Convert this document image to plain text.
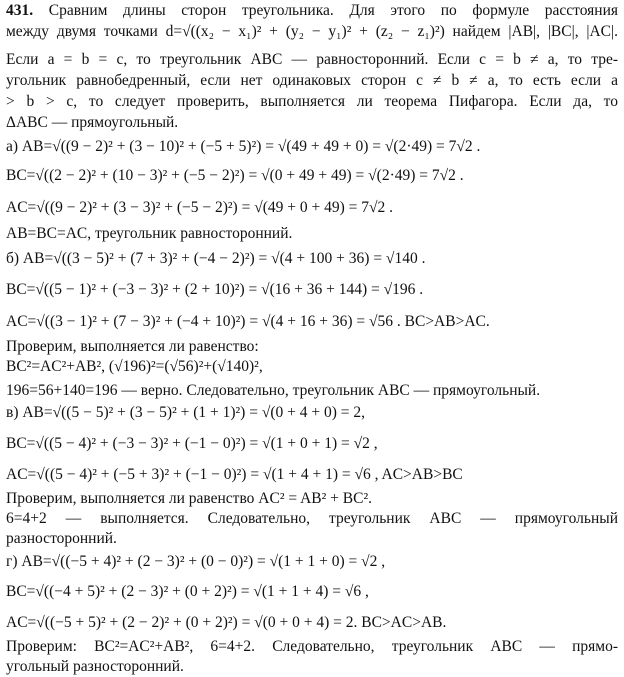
431. Сравним длины сторон треугольника. Для этого по формуле расстояния
между двумя точками d=√((x₂ − x₁)² + (y₂ − y₁)² + (z₂ − z₁)²) найдем |AB|, |BC|, |AC|.
Если a = b = c, то треугольник ABC — равносторонний. Если c = b ≠ a, то тре-
угольник равнобедренный, если нет одинаковых сторон c ≠ b ≠ a, то есть если a
> b > c, то следует проверить, выполняется ли теорема Пифагора. Если да, то
ΔABC — прямоугольный.
а) AB=√((9 − 2)² + (3 − 10)² + (−5 + 5)²) = √(49 + 49 + 0) = √(2·49) = 7√2 .
BC=√((2 − 2)² + (10 − 3)² + (−5 − 2)²) = √(0 + 49 + 49) = √(2·49) = 7√2 .
AC=√((9 − 2)² + (3 − 3)² + (−5 − 2)²) = √(49 + 0 + 49) = 7√2 .
AB=BC=AC, треугольник равносторонний.
б) AB=√((3 − 5)² + (7 + 3)² + (−4 − 2)²) = √(4 + 100 + 36) = √140 .
BC=√((5 − 1)² + (−3 − 3)² + (2 + 10)²) = √(16 + 36 + 144) = √196 .
AC=√((3 − 1)² + (7 − 3)² + (−4 + 10)²) = √(4 + 16 + 36) = √56 . BC>AB>AC.
Проверим, выполняется ли равенство:
BC²=AC²+AB², (√196)²=(√56)²+(√140)²,
196=56+140=196 — верно. Следовательно, треугольник ABC — прямоугольный.
в) AB=√((5 − 5)² + (3 − 5)² + (1 + 1)²) = √(0 + 4 + 0) = 2,
BC=√((5 − 4)² + (−3 − 3)² + (−1 − 0)²) = √(1 + 0 + 1) = √2 ,
AC=√((5 − 4)² + (−5 + 3)² + (−1 − 0)²) = √(1 + 4 + 1) = √6 , AC>AB>BC
Проверим, выполняется ли равенство AC² = AB² + BC².
6=4+2 — выполняется. Следовательно, треугольник ABC — прямоугольный
разносторонний.
г) AB=√((−5 + 4)² + (2 − 3)² + (0 − 0)²) = √(1 + 1 + 0) = √2 ,
BC=√((−4 + 5)² + (2 − 3)² + (0 + 2)²) = √(1 + 1 + 4) = √6 ,
AC=√((−5 + 5)² + (2 − 2)² + (0 + 2)²) = √(0 + 0 + 4) = 2. BC>AC>AB.
Проверим: BC²=AC²+AB², 6=4+2. Следовательно, треугольник ABC — прямо-
угольный разносторонний.
